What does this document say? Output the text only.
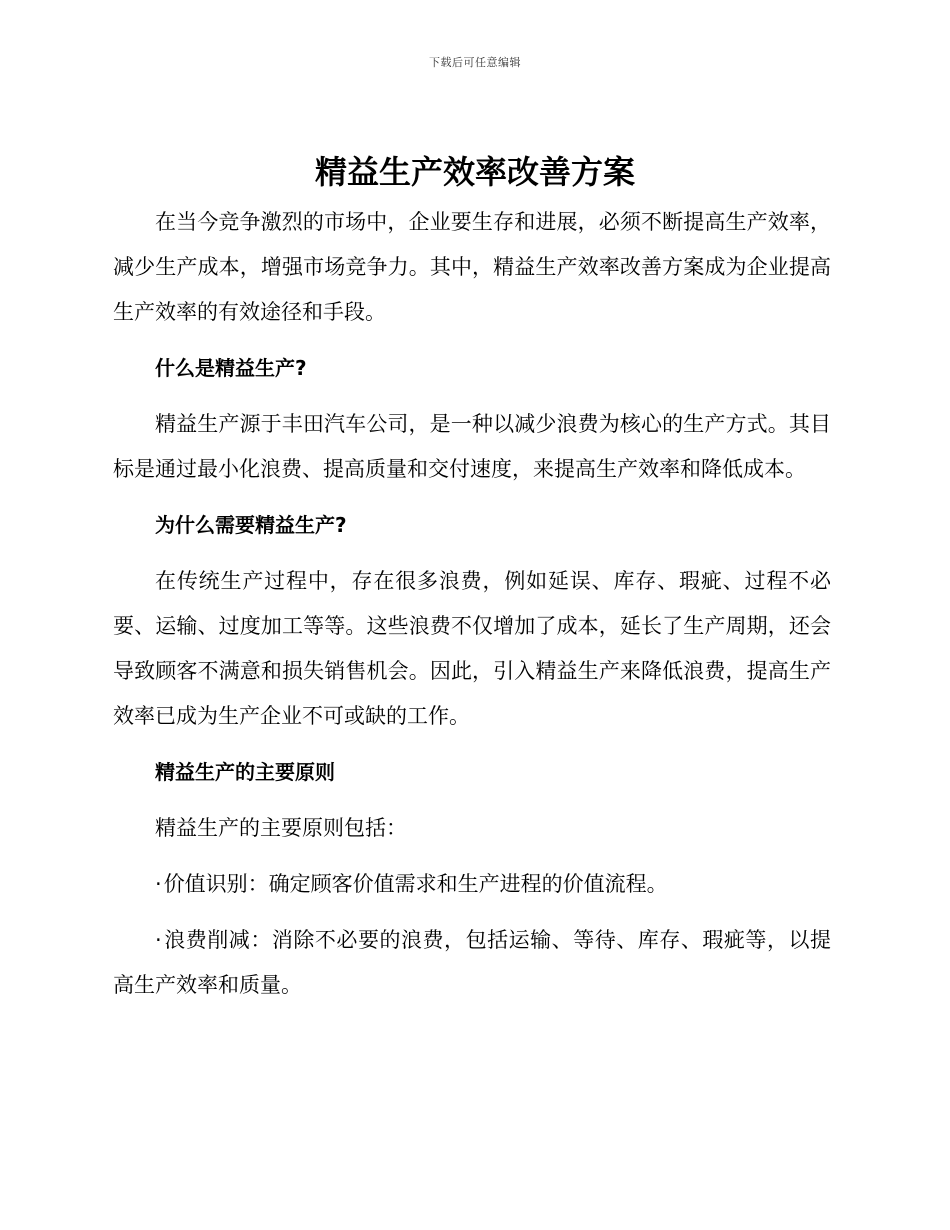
下载后可任意编辑
精益生产效率改善方案

在当今竞争激烈的市场中，企业要生存和进展，必须不断提高生产效率，减少生产成本，增强市场竞争力。其中，精益生产效率改善方案成为企业提高生产效率的有效途径和手段。

什么是精益生产?

精益生产源于丰田汽车公司，是一种以减少浪费为核心的生产方式。其目标是通过最小化浪费、提高质量和交付速度，来提高生产效率和降低成本。

为什么需要精益生产?

在传统生产过程中，存在很多浪费，例如延误、库存、瑕疵、过程不必要、运输、过度加工等等。这些浪费不仅增加了成本，延长了生产周期，还会导致顾客不满意和损失销售机会。因此，引入精益生产来降低浪费，提高生产效率已成为生产企业不可或缺的工作。

精益生产的主要原则

精益生产的主要原则包括：

·价值识别：确定顾客价值需求和生产进程的价值流程。

·浪费削减：消除不必要的浪费，包括运输、等待、库存、瑕疵等，以提高生产效率和质量。
